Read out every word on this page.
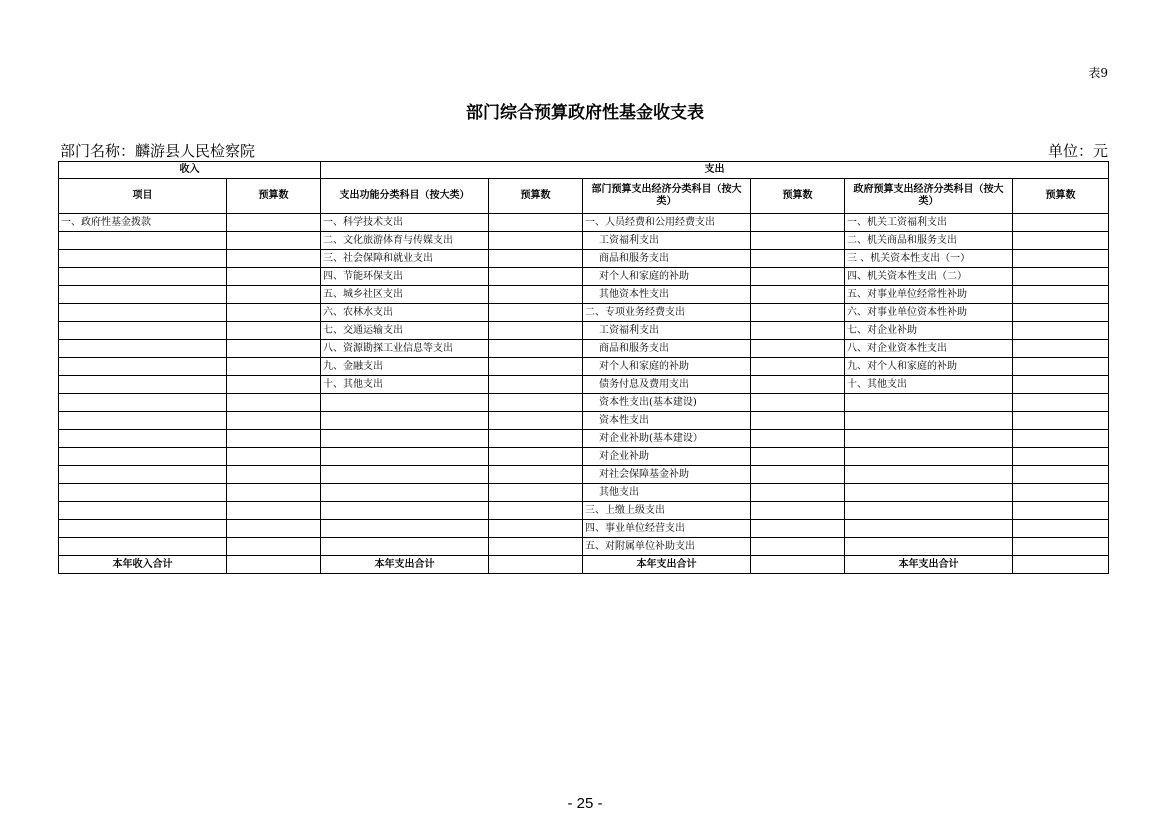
表9
部门综合预算政府性基金收支表
部门名称： 麟游县人民检察院	单位：元
收入		支出					
项目	预算数	支出功能分类科目（按大类）	预算数	部门预算支出经济分类科目（按大类）	预算数	政府预算支出经济分类科目（按大类）	预算数
一、政府性基金拨款		一、科学技术支出		一、人员经费和公用经费支出		一、机关工资福利支出	
		二、文化旅游体育与传媒支出		工资福利支出		二、机关商品和服务支出	
		三、社会保障和就业支出		商品和服务支出		三 、机关资本性支出（一）	
		四、节能环保支出		对个人和家庭的补助		四、机关资本性支出（二）	
		五、城乡社区支出		其他资本性支出		五、对事业单位经常性补助	
		六、农林水支出		二、专项业务经费支出		六、对事业单位资本性补助	
		七、交通运输支出		工资福利支出		七、对企业补助	
		八、资源勘探工业信息等支出		商品和服务支出		八、对企业资本性支出	
		九、金融支出		对个人和家庭的补助		九、对个人和家庭的补助	
		十、其他支出		债务付息及费用支出		十、其他支出	
				资本性支出(基本建设)			
				资本性支出			
				对企业补助(基本建设）			
				对企业补助			
				对社会保障基金补助			
				其他支出			
				三、上缴上级支出			
				四、事业单位经营支出			
				五、对附属单位补助支出			
本年收入合计		本年支出合计		本年支出合计		本年支出合计	
- 25 -
